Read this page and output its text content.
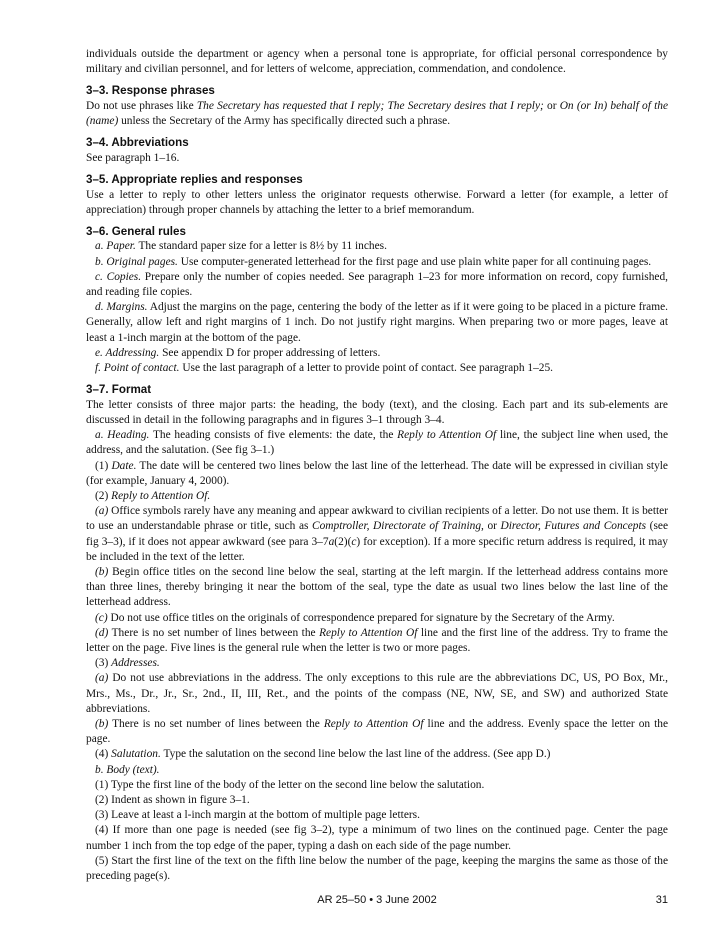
individuals outside the department or agency when a personal tone is appropriate, for official personal correspondence by military and civilian personnel, and for letters of welcome, appreciation, commendation, and condolence.

3–3. Response phrases

Do not use phrases like The Secretary has requested that I reply; The Secretary desires that I reply; or On (or In) behalf of the (name) unless the Secretary of the Army has specifically directed such a phrase.

3–4. Abbreviations

See paragraph 1–16.

3–5. Appropriate replies and responses

Use a letter to reply to other letters unless the originator requests otherwise. Forward a letter (for example, a letter of appreciation) through proper channels by attaching the letter to a brief memorandum.

3–6. General rules

a. Paper. The standard paper size for a letter is 8½ by 11 inches.

b. Original pages. Use computer-generated letterhead for the first page and use plain white paper for all continuing pages.

c. Copies. Prepare only the number of copies needed. See paragraph 1–23 for more information on record, copy furnished, and reading file copies.

d. Margins. Adjust the margins on the page, centering the body of the letter as if it were going to be placed in a picture frame. Generally, allow left and right margins of 1 inch. Do not justify right margins. When preparing two or more pages, leave at least a 1-inch margin at the bottom of the page.

e. Addressing. See appendix D for proper addressing of letters.

f. Point of contact. Use the last paragraph of a letter to provide point of contact. See paragraph 1–25.

3–7. Format

The letter consists of three major parts: the heading, the body (text), and the closing. Each part and its sub-elements are discussed in detail in the following paragraphs and in figures 3–1 through 3–4.

a. Heading. The heading consists of five elements: the date, the Reply to Attention Of line, the subject line when used, the address, and the salutation. (See fig 3–1.)

(1) Date. The date will be centered two lines below the last line of the letterhead. The date will be expressed in civilian style (for example, January 4, 2000).

(2) Reply to Attention Of.

(a) Office symbols rarely have any meaning and appear awkward to civilian recipients of a letter. Do not use them. It is better to use an understandable phrase or title, such as Comptroller, Directorate of Training, or Director, Futures and Concepts (see fig 3–3), if it does not appear awkward (see para 3–7a(2)(c) for exception). If a more specific return address is required, it may be included in the text of the letter.

(b) Begin office titles on the second line below the seal, starting at the left margin. If the letterhead address contains more than three lines, thereby bringing it near the bottom of the seal, type the date as usual two lines below the last line of the letterhead address.

(c) Do not use office titles on the originals of correspondence prepared for signature by the Secretary of the Army.

(d) There is no set number of lines between the Reply to Attention Of line and the first line of the address. Try to frame the letter on the page. Five lines is the general rule when the letter is two or more pages.

(3) Addresses.

(a) Do not use abbreviations in the address. The only exceptions to this rule are the abbreviations DC, US, PO Box, Mr., Mrs., Ms., Dr., Jr., Sr., 2nd., II, III, Ret., and the points of the compass (NE, NW, SE, and SW) and authorized State abbreviations.

(b) There is no set number of lines between the Reply to Attention Of line and the address. Evenly space the letter on the page.

(4) Salutation. Type the salutation on the second line below the last line of the address. (See app D.)

b. Body (text).

(1) Type the first line of the body of the letter on the second line below the salutation.

(2) Indent as shown in figure 3–1.

(3) Leave at least a l-inch margin at the bottom of multiple page letters.

(4) If more than one page is needed (see fig 3–2), type a minimum of two lines on the continued page. Center the page number 1 inch from the top edge of the paper, typing a dash on each side of the page number.

(5) Start the first line of the text on the fifth line below the number of the page, keeping the margins the same as those of the preceding page(s).

AR 25–50 • 3 June 2002	31
